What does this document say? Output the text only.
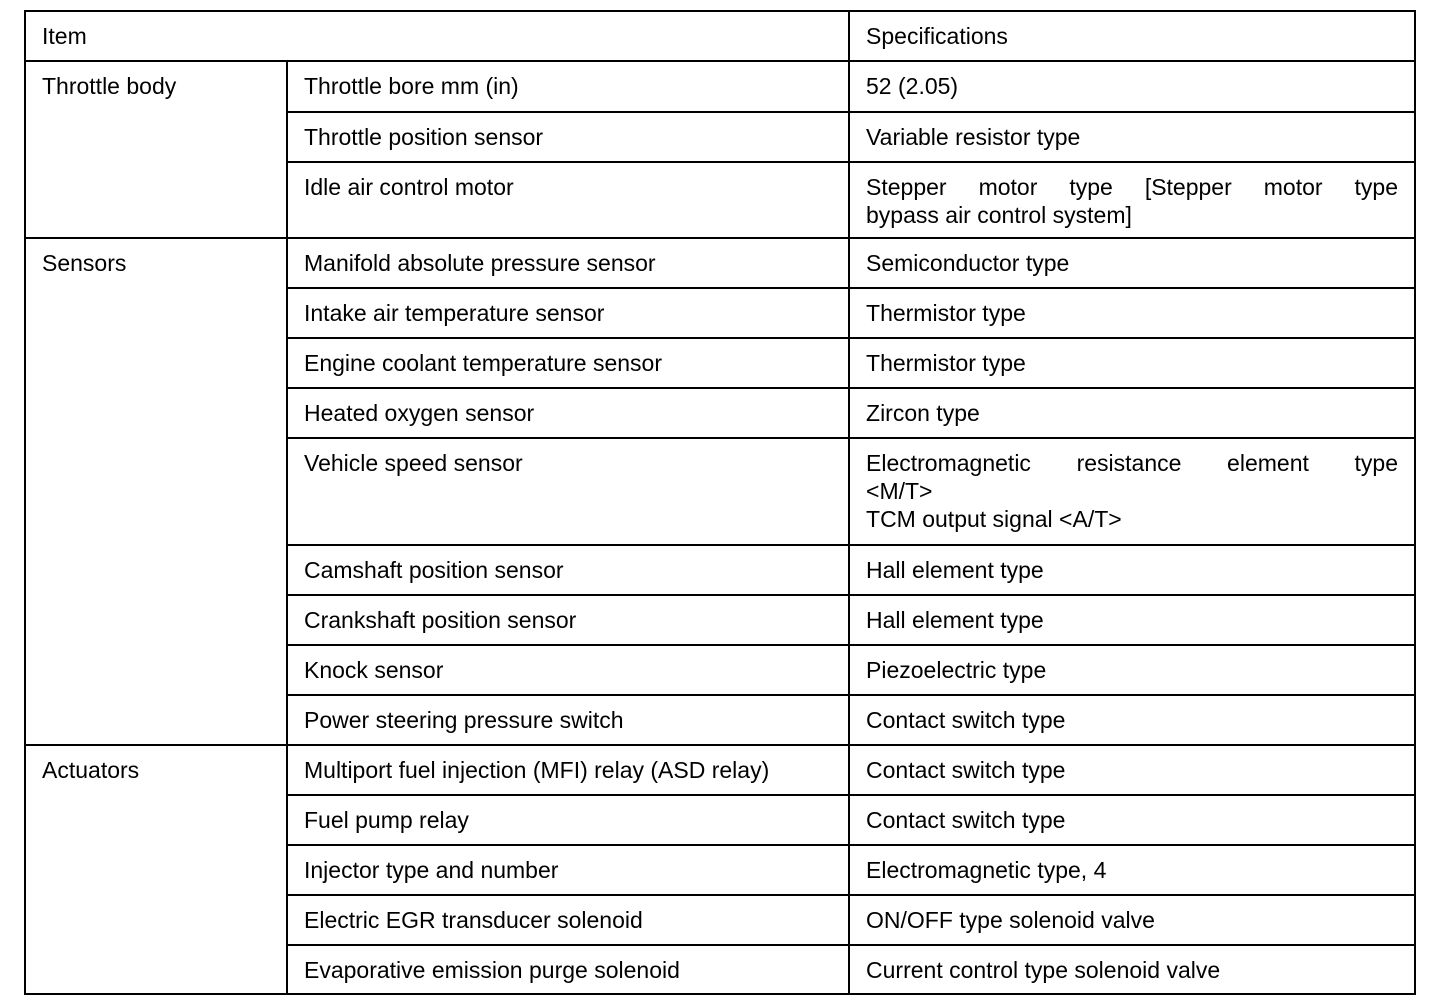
Item		Specifications
Throttle body	Throttle bore mm (in)	52 (2.05)
	Throttle position sensor	Variable resistor type
	Idle air control motor	Stepper motor type [Stepper motor type
bypass air control system]

Sensors	Manifold absolute pressure sensor	Semiconductor type
	Intake air temperature sensor	Thermistor type
	Engine coolant temperature sensor	Thermistor type
	Heated oxygen sensor	Zircon type
	Vehicle speed sensor	Electromagnetic resistance element type
<M/T>
TCM output signal <A/T>

	Camshaft position sensor	Hall element type
	Crankshaft position sensor	Hall element type
	Knock sensor	Piezoelectric type
	Power steering pressure switch	Contact switch type
Actuators	Multiport fuel injection (MFI) relay (ASD relay)	Contact switch type
	Fuel pump relay	Contact switch type
	Injector type and number	Electromagnetic type, 4
	Electric EGR transducer solenoid	ON/OFF type solenoid valve
	Evaporative emission purge solenoid	Current control type solenoid valve
